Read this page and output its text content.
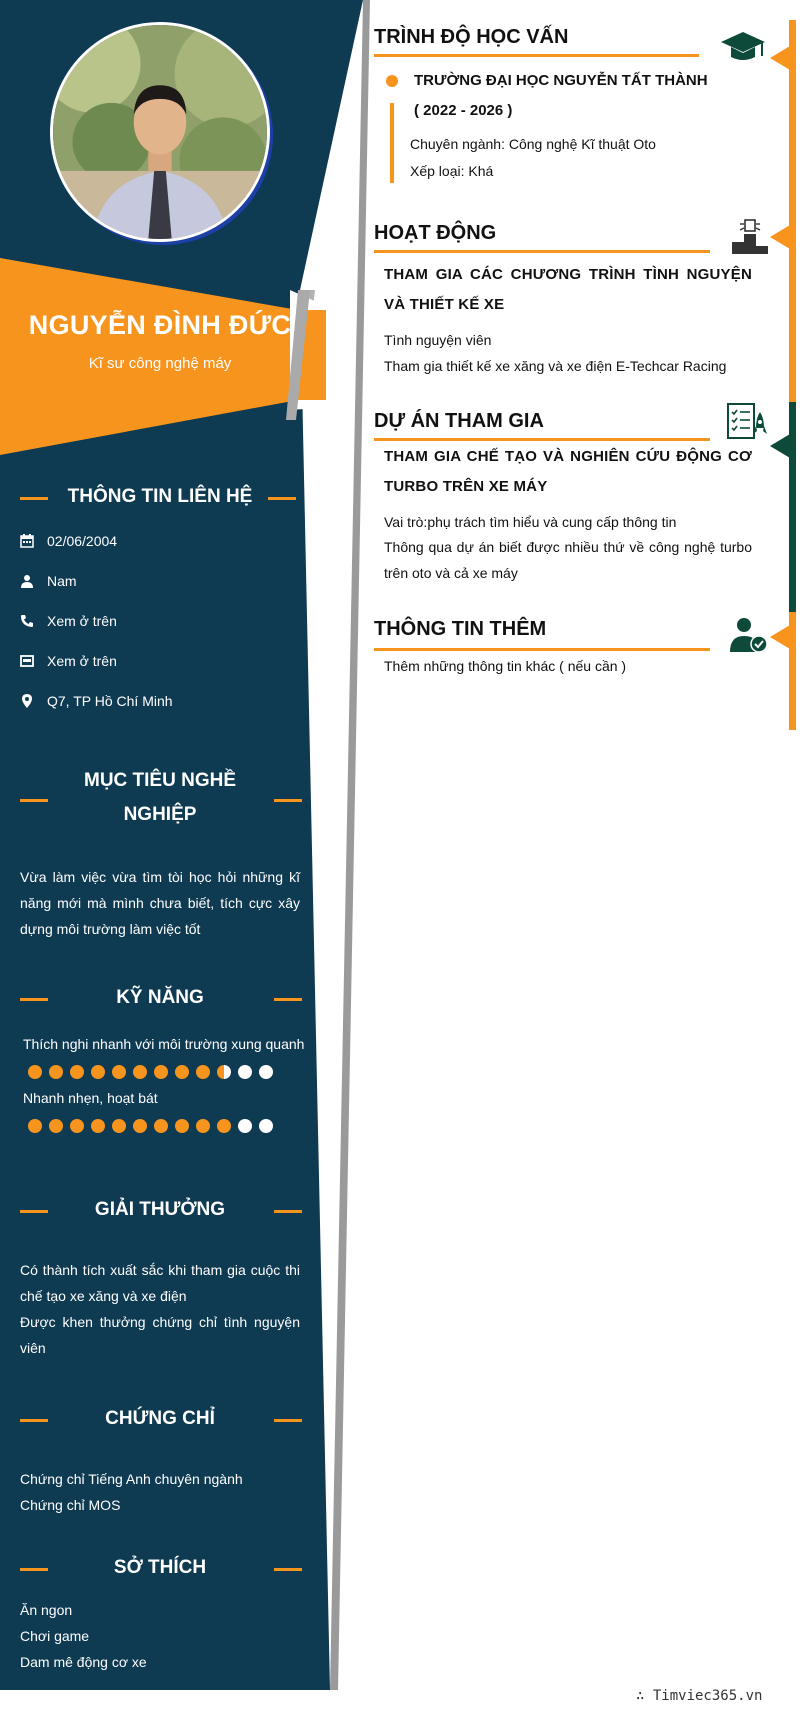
NGUYỄN ĐÌNH ĐỨC
Kĩ sư công nghệ máy
THÔNG TIN LIÊN HỆ
02/06/2004
Nam
Xem ở trên
Xem ở trên
Q7, TP Hồ Chí Minh
MỤC TIÊU NGHỀ
NGHIỆP
Vừa làm việc vừa tìm tòi học hỏi những kĩ năng mới mà mình chưa biết, tích cực xây dựng môi trường làm việc tốt
KỸ NĂNG
Thích nghi nhanh với môi trường xung quanh
Nhanh nhẹn, hoạt bát
GIẢI THƯỞNG

Có thành tích xuất sắc khi tham gia cuộc thi chế tạo xe xăng và xe điện

Được khen thưởng chứng chỉ tình nguyện viên

CHỨNG CHỈ
Chứng chỉ Tiếng Anh chuyên ngành
Chứng chỉ MOS
SỞ THÍCH
Ăn ngon
Chơi game
Dam mê động cơ xe
TRÌNH ĐỘ HỌC VẤN
TRƯỜNG ĐẠI HỌC NGUYỄN TẤT THÀNH
( 2022 - 2026 )
Chuyên ngành: Công nghệ Kĩ thuật Oto
Xếp loại: Khá
HOẠT ĐỘNG
THAM GIA CÁC CHƯƠNG TRÌNH TÌNH NGUYỆN VÀ THIẾT KẾ XE
Tình nguyện viên
Tham gia thiết kế xe xăng và xe điện E-Techcar Racing
DỰ ÁN THAM GIA
THAM GIA CHẾ TẠO VÀ NGHIÊN CỨU ĐỘNG CƠ TURBO TRÊN XE MÁY
Vai trò:phụ trách tìm hiểu và cung cấp thông tin
Thông qua dự án biết được nhiều thứ về công nghệ turbo trên oto và cả xe máy
THÔNG TIN THÊM
Thêm những thông tin khác ( nếu cần )
∴ Timviec365.vn
